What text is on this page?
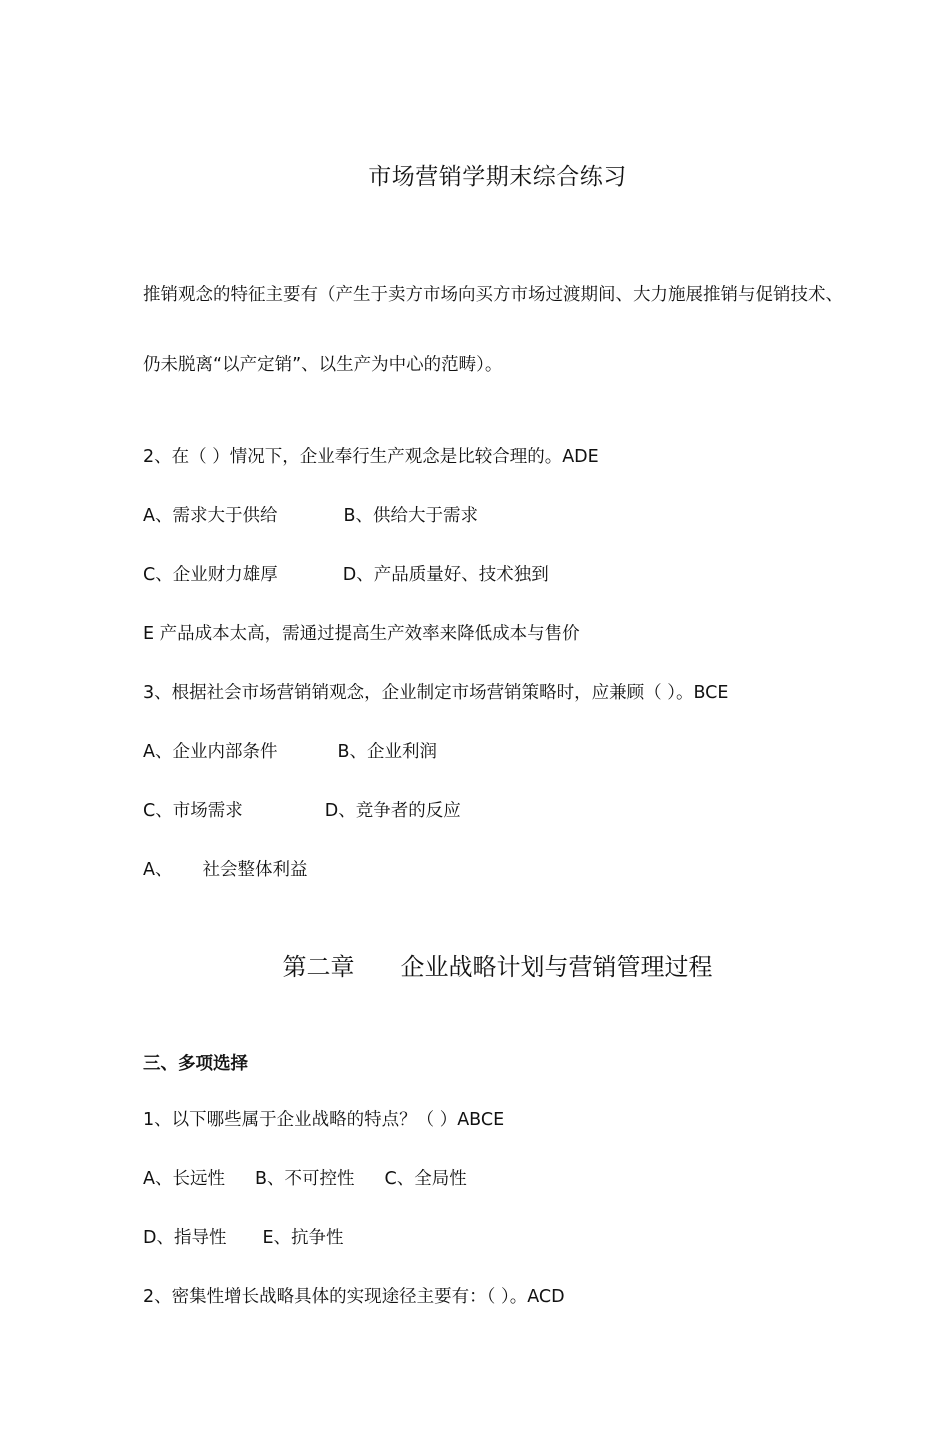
市场营销学期末综合练习
推销观念的特征主要有（产生于卖方市场向买方市场过渡期间、大力施展推销与促销技术、
仍未脱离“以产定销”、以生产为中心的范畴）。
2、在（ ）情况下，企业奉行生产观念是比较合理的。ADE
A、需求大于供给	B、供给大于需求
C、企业财力雄厚	D、产品质量好、技术独到
E 产品成本太高，需通过提高生产效率来降低成本与售价
3、根据社会市场营销销观念，企业制定市场营销策略时，应兼顾（ ）。BCE
A、企业内部条件	B、企业利润
C、市场需求	D、竞争者的反应
A、 社会整体利益
第二章 企业战略计划与营销管理过程
三、多项选择
1、以下哪些属于企业战略的特点？（ ）ABCE
A、长远性 B、不可控性 C、全局性
D、指导性 E、抗争性
2、密集性增长战略具体的实现途径主要有：（ ）。ACD
